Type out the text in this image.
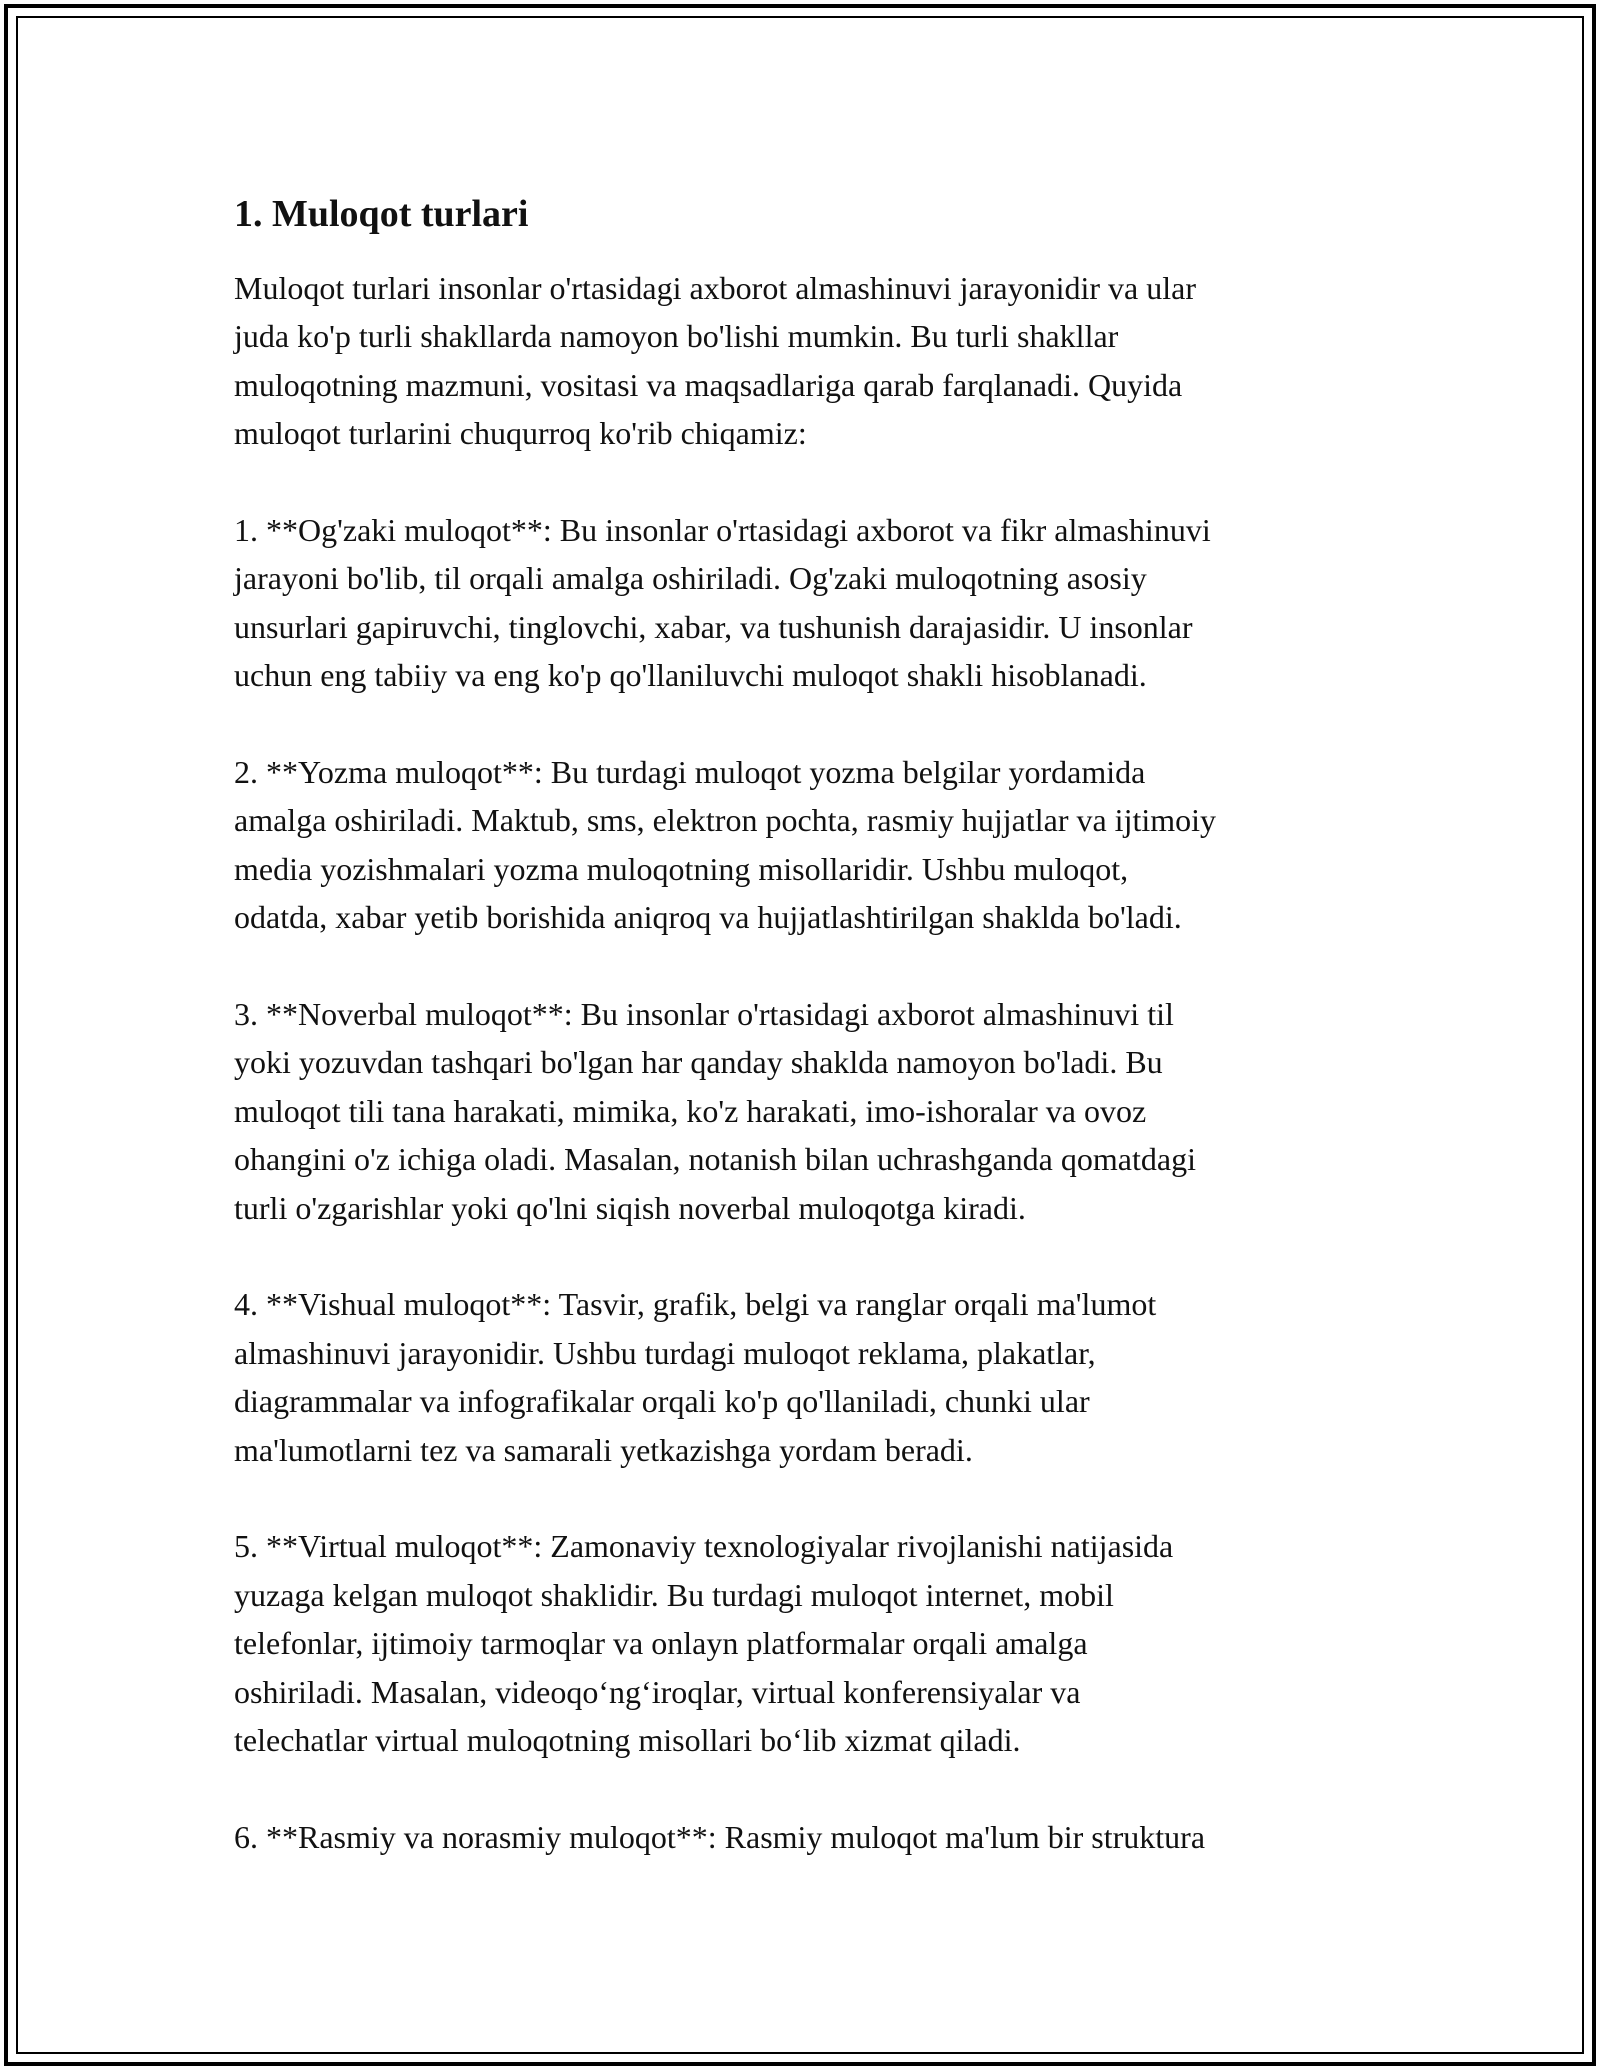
1. Muloqot turlari

Muloqot turlari insonlar o'rtasidagi axborot almashinuvi jarayonidir va ular
juda ko'p turli shakllarda namoyon bo'lishi mumkin. Bu turli shakllar
muloqotning mazmuni, vositasi va maqsadlariga qarab farqlanadi. Quyida
muloqot turlarini chuqurroq ko'rib chiqamiz:

1. **Og'zaki muloqot**: Bu insonlar o'rtasidagi axborot va fikr almashinuvi
jarayoni bo'lib, til orqali amalga oshiriladi. Og'zaki muloqotning asosiy
unsurlari gapiruvchi, tinglovchi, xabar, va tushunish darajasidir. U insonlar
uchun eng tabiiy va eng ko'p qo'llaniluvchi muloqot shakli hisoblanadi.

2. **Yozma muloqot**: Bu turdagi muloqot yozma belgilar yordamida
amalga oshiriladi. Maktub, sms, elektron pochta, rasmiy hujjatlar va ijtimoiy
media yozishmalari yozma muloqotning misollaridir. Ushbu muloqot,
odatda, xabar yetib borishida aniqroq va hujjatlashtirilgan shaklda bo'ladi.

3. **Noverbal muloqot**: Bu insonlar o'rtasidagi axborot almashinuvi til
yoki yozuvdan tashqari bo'lgan har qanday shaklda namoyon bo'ladi. Bu
muloqot tili tana harakati, mimika, ko'z harakati, imo-ishoralar va ovoz
ohangini o'z ichiga oladi. Masalan, notanish bilan uchrashganda qomatdagi
turli o'zgarishlar yoki qo'lni siqish noverbal muloqotga kiradi.

4. **Vishual muloqot**: Tasvir, grafik, belgi va ranglar orqali ma'lumot
almashinuvi jarayonidir. Ushbu turdagi muloqot reklama, plakatlar,
diagrammalar va infografikalar orqali ko'p qo'llaniladi, chunki ular
ma'lumotlarni tez va samarali yetkazishga yordam beradi.

5. **Virtual muloqot**: Zamonaviy texnologiyalar rivojlanishi natijasida
yuzaga kelgan muloqot shaklidir. Bu turdagi muloqot internet, mobil
telefonlar, ijtimoiy tarmoqlar va onlayn platformalar orqali amalga
oshiriladi. Masalan, videoqoʻngʻiroqlar, virtual konferensiyalar va
telechatlar virtual muloqotning misollari boʻlib xizmat qiladi.

6. **Rasmiy va norasmiy muloqot**: Rasmiy muloqot ma'lum bir struktura
